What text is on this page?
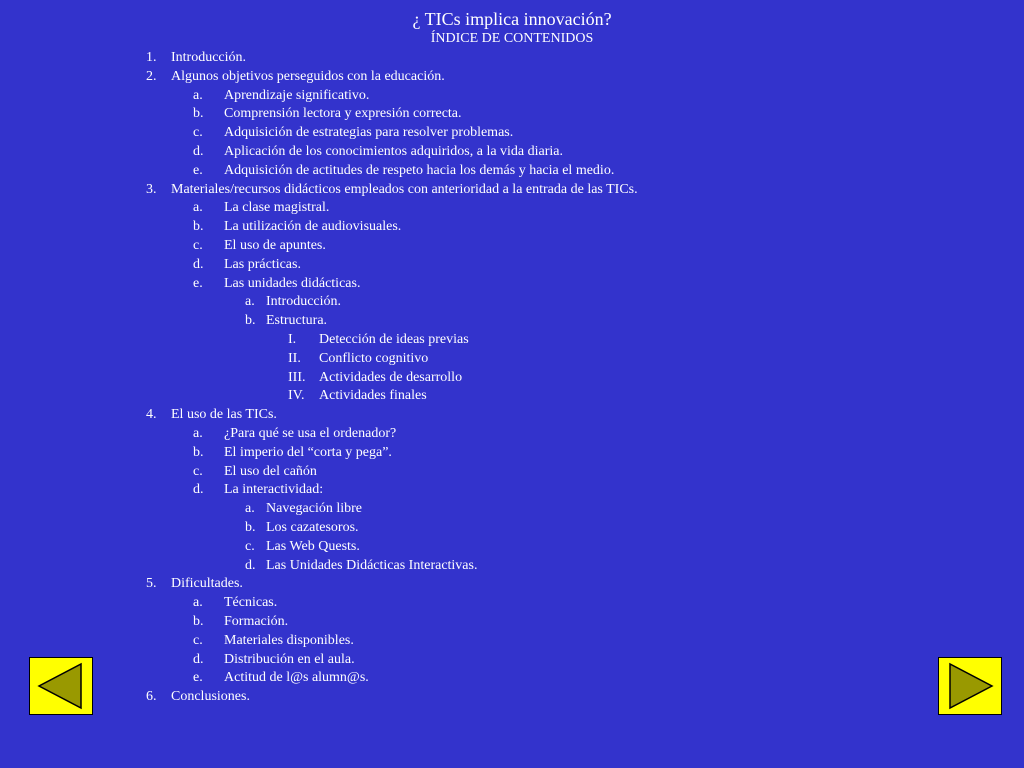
¿ TICs implica innovación?
ÍNDICE DE CONTENIDOS
1. Introducción.
2. Algunos objetivos perseguidos con la educación.
a. Aprendizaje significativo.
b. Comprensión lectora y expresión correcta.
c. Adquisición de estrategias para resolver problemas.
d. Aplicación de los conocimientos adquiridos, a la vida diaria.
e. Adquisición de actitudes de respeto hacia los demás y hacia el medio.
3. Materiales/recursos didácticos empleados con anterioridad a la entrada de las TICs.
a. La clase magistral.
b. La utilización de audiovisuales.
c. El uso de apuntes.
d. Las prácticas.
e. Las unidades didácticas.
a. Introducción.
b. Estructura.
I. Detección de ideas previas
II. Conflicto cognitivo
III. Actividades de desarrollo
IV. Actividades finales
4. El uso de las TICs.
a. ¿Para qué se usa el ordenador?
b. El imperio del “corta y pega”.
c. El uso del cañón
d. La interactividad:
a. Navegación libre
b. Los cazatesoros.
c. Las Web Quests.
d. Las Unidades Didácticas Interactivas.
5. Dificultades.
a. Técnicas.
b. Formación.
c. Materiales disponibles.
d. Distribución en el aula.
e. Actitud de l@s alumn@s.
6. Conclusiones.
